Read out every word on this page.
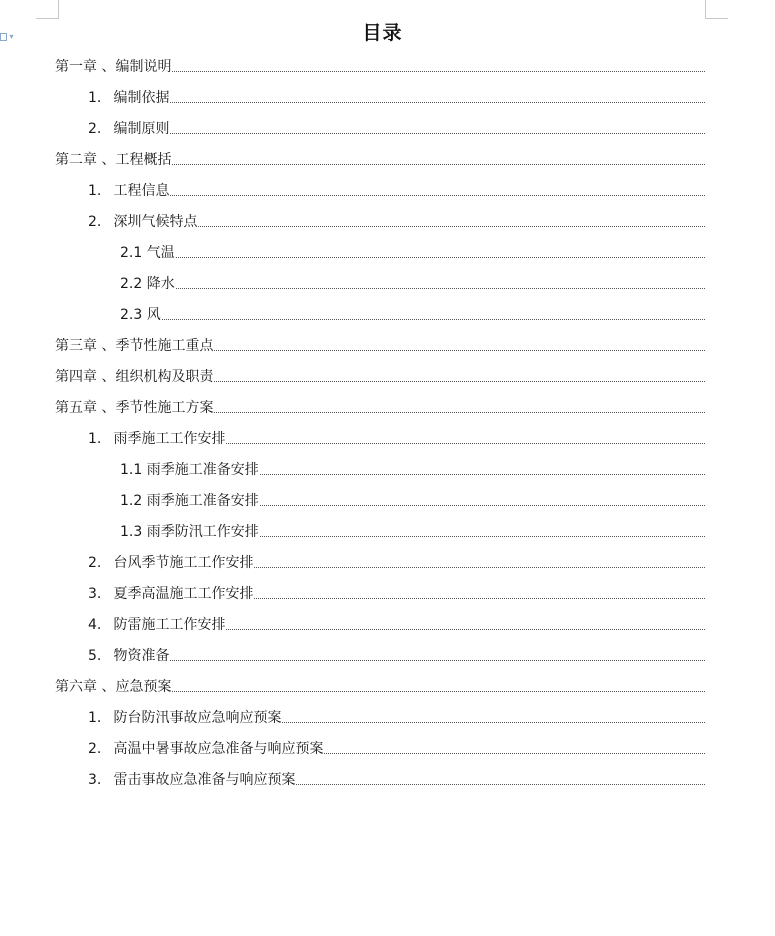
▾	目录
第一章 、 编制说明
1. 编制依据
2. 编制原则
第二章 、 工程概括
1. 工程信息
2. 深圳气候特点
2.1 气温
2.2 降水
2.3 风
第三章 、 季节性施工重点
第四章 、 组织机构及职责
第五章 、 季节性施工方案
1. 雨季施工工作安排
1.1 雨季施工准备安排
1.2 雨季施工准备安排
1.3 雨季防汛工作安排
2. 台风季节施工工作安排
3. 夏季高温施工工作安排
4. 防雷施工工作安排
5. 物资准备
第六章 、 应急预案
1. 防台防汛事故应急响应预案
2. 高温中暑事故应急准备与响应预案
3. 雷击事故应急准备与响应预案
